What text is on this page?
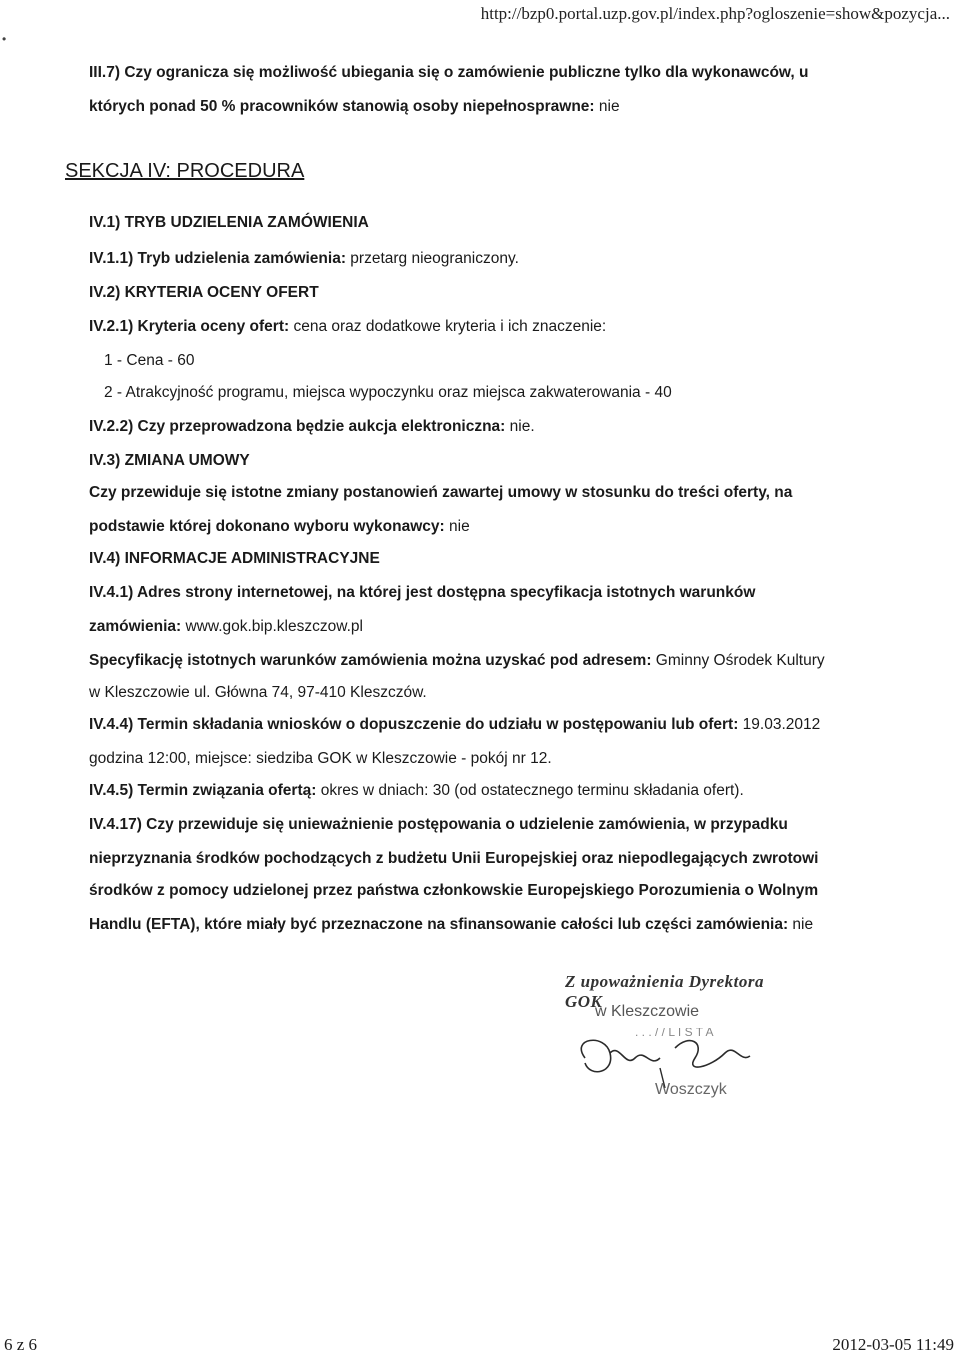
http://bzp0.portal.uzp.gov.pl/index.php?ogloszenie=show&pozycja...
•
III.7) Czy ogranicza się możliwość ubiegania się o zamówienie publiczne tylko dla wykonawców, u
których ponad 50 % pracowników stanowią osoby niepełnosprawne: nie
SEKCJA IV: PROCEDURA
IV.1) TRYB UDZIELENIA ZAMÓWIENIA
IV.1.1) Tryb udzielenia zamówienia: przetarg nieograniczony.
IV.2) KRYTERIA OCENY OFERT
IV.2.1) Kryteria oceny ofert: cena oraz dodatkowe kryteria i ich znaczenie:
1 - Cena - 60
2 - Atrakcyjność programu, miejsca wypoczynku oraz miejsca zakwaterowania - 40
IV.2.2) Czy przeprowadzona będzie aukcja elektroniczna: nie.
IV.3) ZMIANA UMOWY
Czy przewiduje się istotne zmiany postanowień zawartej umowy w stosunku do treści oferty, na
podstawie której dokonano wyboru wykonawcy: nie
IV.4) INFORMACJE ADMINISTRACYJNE
IV.4.1) Adres strony internetowej, na której jest dostępna specyfikacja istotnych warunków
zamówienia: www.gok.bip.kleszczow.pl
Specyfikację istotnych warunków zamówienia można uzyskać pod adresem: Gminny Ośrodek Kultury
w Kleszczowie ul. Główna 74, 97-410 Kleszczów.
IV.4.4) Termin składania wniosków o dopuszczenie do udziału w postępowaniu lub ofert: 19.03.2012
godzina 12:00, miejsce: siedziba GOK w Kleszczowie - pokój nr 12.
IV.4.5) Termin związania ofertą: okres w dniach: 30 (od ostatecznego terminu składania ofert).
IV.4.17) Czy przewiduje się unieważnienie postępowania o udzielenie zamówienia, w przypadku
nieprzyznania środków pochodzących z budżetu Unii Europejskiej oraz niepodlegających zwrotowi
środków z pomocy udzielonej przez państwa członkowskie Europejskiego Porozumienia o Wolnym
Handlu (EFTA), które miały być przeznaczone na sfinansowanie całości lub części zamówienia: nie
Z upoważnienia Dyrektora GOK
w Kleszczowie
. . . / / L I S T A
Woszczyk
6 z 6	2012-03-05 11:49
